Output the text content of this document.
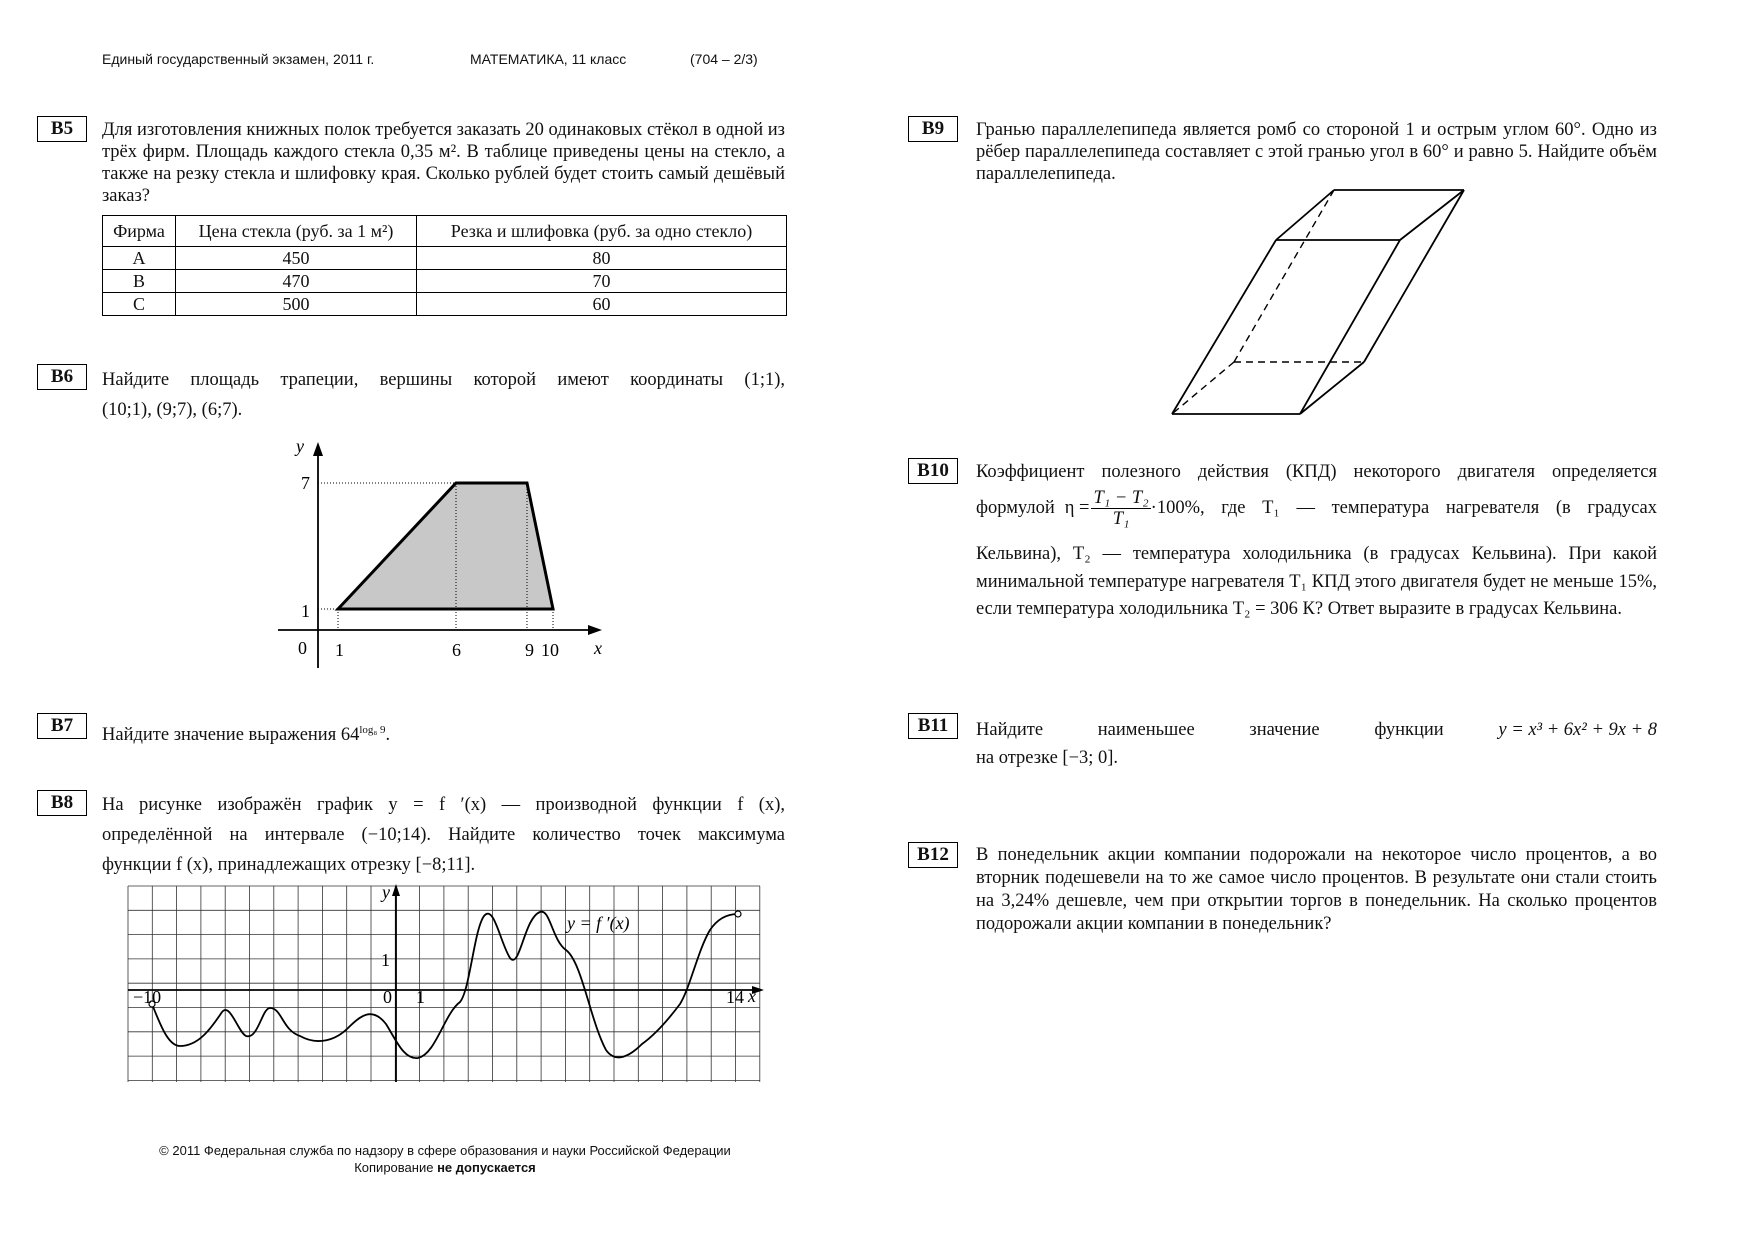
Единый государственный экзамен, 2011 г.	МАТЕМАТИКА, 11 класс	(704 – 2/3)
B5	Для изготовления книжных полок требуется заказать 20 одинаковых стёкол в одной из трёх фирм. Площадь каждого стекла 0,35 м². В таблице приведены цены на стекло, а также на резку стекла и шлифовку края. Сколько рублей будет стоить самый дешёвый заказ?
Фирма	Цена стекла (руб. за 1 м²)	Резка и шлифовка (руб. за одно стекло)
A	450	80
B	470	70
C	500	60
B6	Найдите площадь трапеции, вершины которой имеют координаты (1;1),
(10;1), (9;7), (6;7).
y
x
0
7
1
1	6	9 10
B7	Найдите значение выражения $64^{log_8 9}$.
B8	На рисунке изображён график y = f ′(x) — производной функции f (x),
определённой на интервале (−10;14). Найдите количество точек максимума
функции f (x), принадлежащих отрезку [−8;11].
y
x
−10	0 1	14
1
y = f ′(x)
B9	Гранью параллелепипеда является ромб со стороной 1 и острым углом 60°. Одно из рёбер параллелепипеда составляет с этой гранью угол в 60° и равно 5. Найдите объём параллелепипеда.
B10	Коэффициент полезного действия (КПД) некоторого двигателя определяется
формулой $\eta = \frac{\text{T₁ − T₂}}{\text{T₁}} \cdot 100\%$, где T₁ — температура нагревателя (в градусах
Кельвина), T₂ — температура холодильника (в градусах Кельвина). При какой минимальной температуре нагревателя T₁ КПД этого двигателя будет не меньше 15%, если температура холодильника T₂ = 306 К? Ответ выразите в градусах Кельвина.
B11	Найдите	наименьшее	значение	функции	y = x³ + 6x² + 9x + 8
на отрезке [−3; 0].
B12	В понедельник акции компании подорожали на некоторое число процентов, а во вторник подешевели на то же самое число процентов. В результате они стали стоить на 3,24% дешевле, чем при открытии торгов в понедельник. На сколько процентов подорожали акции компании в понедельник?
© 2011 Федеральная служба по надзору в сфере образования и науки Российской Федерации
Копирование не допускается
